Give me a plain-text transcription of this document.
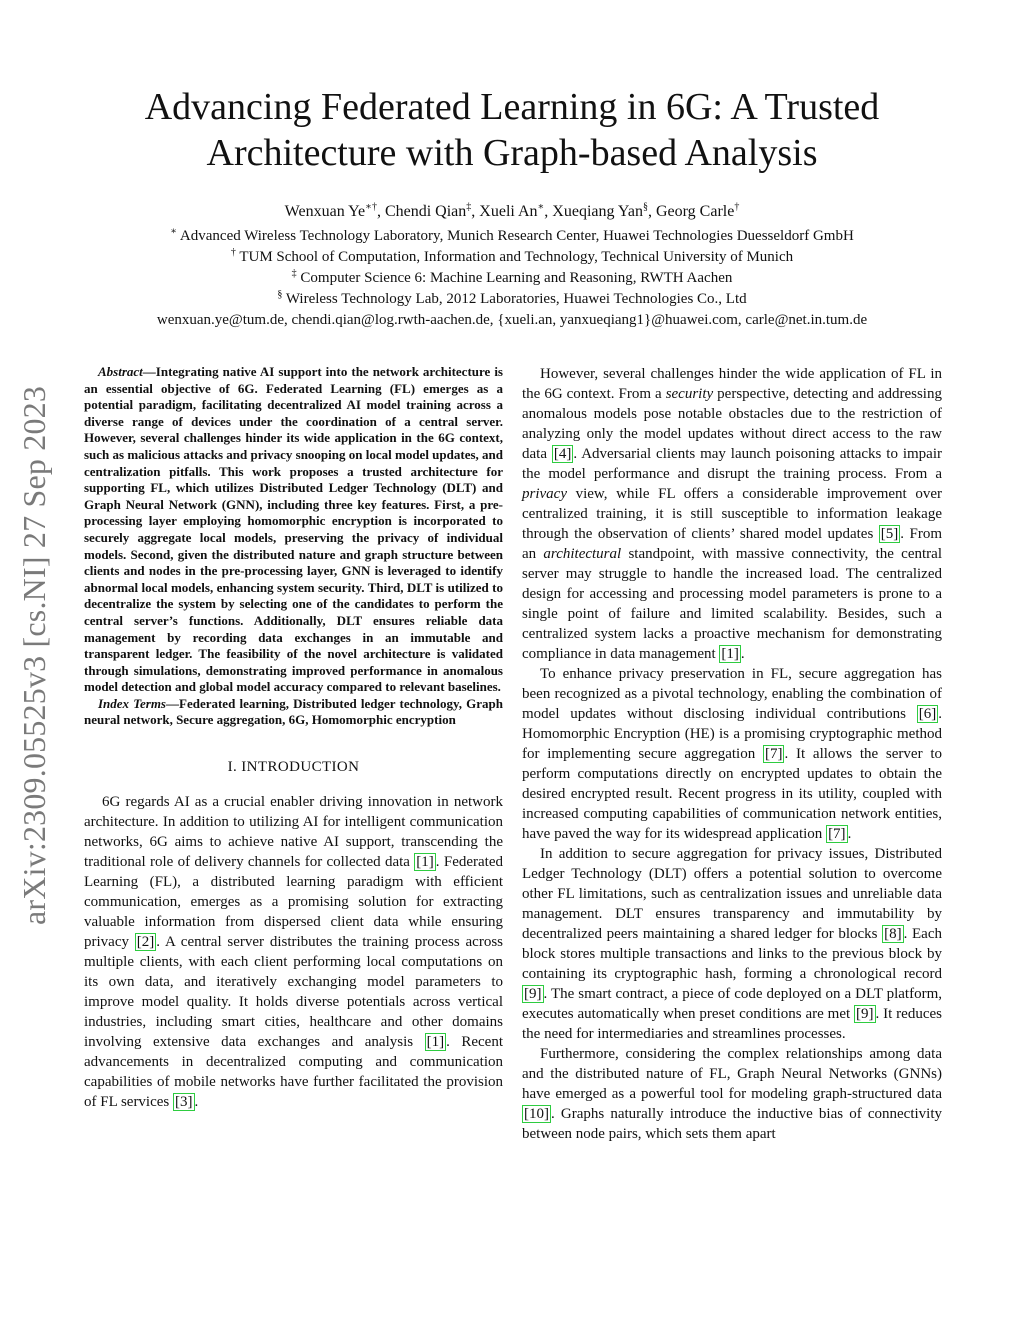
arXiv:2309.05525v3 [cs.NI] 27 Sep 2023
Advancing Federated Learning in 6G: A Trusted
Architecture with Graph-based Analysis
Wenxuan Ye∗†, Chendi Qian‡, Xueli An∗, Xueqiang Yan§, Georg Carle†
∗ Advanced Wireless Technology Laboratory, Munich Research Center, Huawei Technologies Duesseldorf GmbH
† TUM School of Computation, Information and Technology, Technical University of Munich
‡ Computer Science 6: Machine Learning and Reasoning, RWTH Aachen
§ Wireless Technology Lab, 2012 Laboratories, Huawei Technologies Co., Ltd
wenxuan.ye@tum.de, chendi.qian@log.rwth-aachen.de, {xueli.an, yanxueqiang1}@huawei.com, carle@net.in.tum.de

Abstract—Integrating native AI support into the network architecture is an essential objective of 6G. Federated Learning (FL) emerges as a potential paradigm, facilitating decentralized AI model training across a diverse range of devices under the coordination of a central server. However, several challenges hinder its wide application in the 6G context, such as malicious attacks and privacy snooping on local model updates, and centralization pitfalls. This work proposes a trusted architecture for supporting FL, which utilizes Distributed Ledger Technology (DLT) and Graph Neural Network (GNN), including three key features. First, a pre-processing layer employing homomorphic encryption is incorporated to securely aggregate local models, preserving the privacy of individual models. Second, given the distributed nature and graph structure between clients and nodes in the pre-processing layer, GNN is leveraged to identify abnormal local models, enhancing system security. Third, DLT is utilized to decentralize the system by selecting one of the candidates to perform the central server’s functions. Additionally, DLT ensures reliable data management by recording data exchanges in an immutable and transparent ledger. The feasibility of the novel architecture is validated through simulations, demonstrating improved performance in anomalous model detection and global model accuracy compared to relevant baselines.

Index Terms—Federated learning, Distributed ledger technology, Graph neural network, Secure aggregation, 6G, Homomorphic encryption

I. INTRODUCTION

6G regards AI as a crucial enabler driving innovation in network architecture. In addition to utilizing AI for intelligent communication networks, 6G aims to achieve native AI support, transcending the traditional role of delivery channels for collected data [1] . Federated Learning (FL), a distributed learning paradigm with efficient communication, emerges as a promising solution for extracting valuable information from dispersed client data while ensuring privacy [2] . A central server distributes the training process across multiple clients, with each client performing local computations on its own data, and iteratively exchanging model parameters to improve model quality. It holds diverse potentials across vertical industries, including smart cities, healthcare and other domains involving extensive data exchanges and analysis [1] . Recent advancements in decentralized computing and communication capabilities of mobile networks have further facilitated the provision of FL services [3] .

However, several challenges hinder the wide application of FL in the 6G context. From a security perspective, detecting and addressing anomalous models pose notable obstacles due to the restriction of analyzing only the model updates without direct access to the raw data [4] . Adversarial clients may launch poisoning attacks to impair the model performance and disrupt the training process. From a privacy view, while FL offers a considerable improvement over centralized training, it is still susceptible to information leakage through the observation of clients’ shared model updates [5] . From an architectural standpoint, with massive connectivity, the central server may struggle to handle the increased load. The centralized design for accessing and processing model parameters is prone to a single point of failure and limited scalability. Besides, such a centralized system lacks a proactive mechanism for demonstrating compliance in data management [1] .

To enhance privacy preservation in FL, secure aggregation has been recognized as a pivotal technology, enabling the combination of model updates without disclosing individual contributions [6] . Homomorphic Encryption (HE) is a promising cryptographic method for implementing secure aggregation [7] . It allows the server to perform computations directly on encrypted updates to obtain the desired encrypted result. Recent progress in its utility, coupled with increased computing capabilities of communication network entities, have paved the way for its widespread application [7] .

In addition to secure aggregation for privacy issues, Distributed Ledger Technology (DLT) offers a potential solution to overcome other FL limitations, such as centralization issues and unreliable data management. DLT ensures transparency and immutability by decentralized peers maintaining a shared ledger for blocks [8] . Each block stores multiple transactions and links to the previous block by containing its cryptographic hash, forming a chronological record [9] . The smart contract, a piece of code deployed on a DLT platform, executes automatically when preset conditions are met [9] . It reduces the need for intermediaries and streamlines processes.

Furthermore, considering the complex relationships among data and the distributed nature of FL, Graph Neural Networks (GNNs) have emerged as a powerful tool for modeling graph-structured data [10] . Graphs naturally introduce the inductive bias of connectivity between node pairs, which sets them apart
